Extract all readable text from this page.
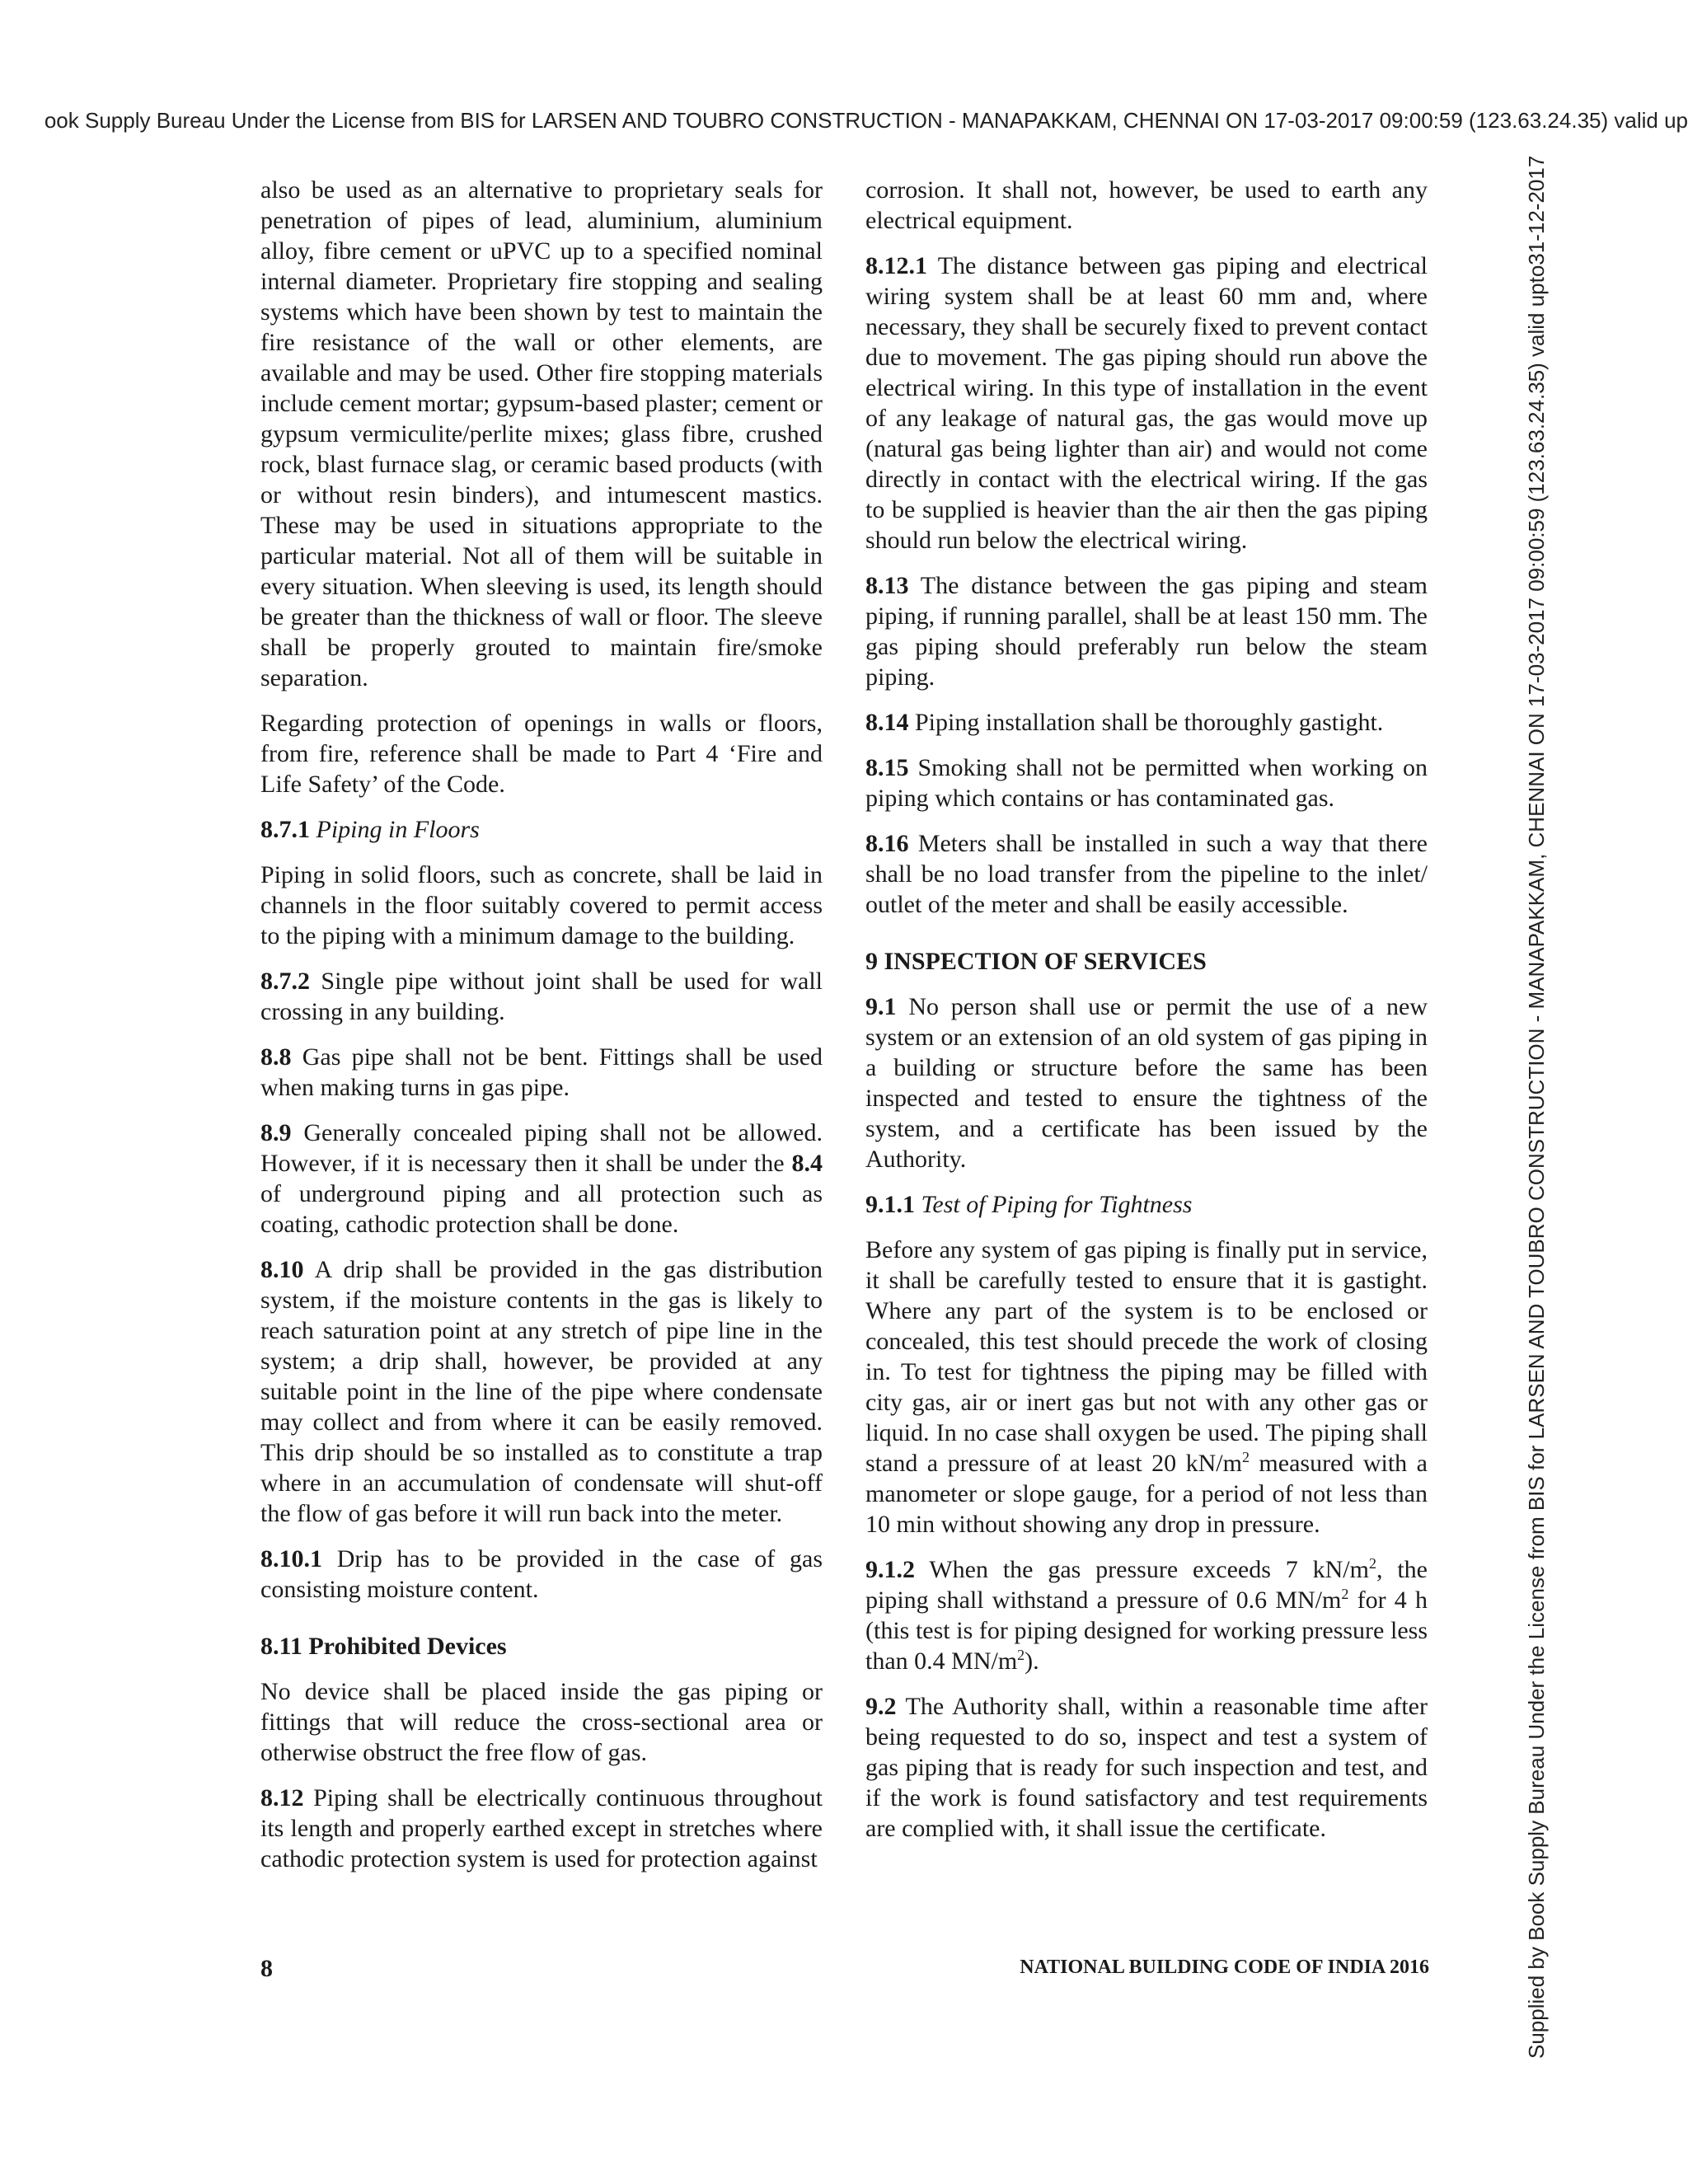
ook Supply Bureau Under the License from BIS for LARSEN AND TOUBRO CONSTRUCTION - MANAPAKKAM, CHENNAI ON 17-03-2017 09:00:59 (123.63.24.35) valid up
Supplied by Book Supply Bureau Under the License from BIS for LARSEN AND TOUBRO CONSTRUCTION - MANAPAKKAM, CHENNAI ON 17-03-2017 09:00:59 (123.63.24.35) valid upto31-12-2017

also be used as an alternative to proprietary seals for penetration of pipes of lead, aluminium, aluminium alloy, fibre cement or uPVC up to a specified nominal internal diameter. Proprietary fire stopping and sealing systems which have been shown by test to maintain the fire resistance of the wall or other elements, are available and may be used. Other fire stopping materials include cement mortar; gypsum-based plaster; cement or gypsum vermiculite/perlite mixes; glass fibre, crushed rock, blast furnace slag, or ceramic based products (with or without resin binders), and intumescent mastics. These may be used in situations appropriate to the particular material. Not all of them will be suitable in every situation. When sleeving is used, its length should be greater than the thickness of wall or floor. The sleeve shall be properly grouted to maintain fire/smoke separation.

Regarding protection of openings in walls or floors, from fire, reference shall be made to Part 4 ‘Fire and Life Safety’ of the Code.

8.7.1 Piping in Floors

Piping in solid floors, such as concrete, shall be laid in channels in the floor suitably covered to permit access to the piping with a minimum damage to the building.

8.7.2 Single pipe without joint shall be used for wall crossing in any building.

8.8 Gas pipe shall not be bent. Fittings shall be used when making turns in gas pipe.

8.9 Generally concealed piping shall not be allowed. However, if it is necessary then it shall be under the 8.4 of underground piping and all protection such as coating, cathodic protection shall be done.

8.10 A drip shall be provided in the gas distribution system, if the moisture contents in the gas is likely to reach saturation point at any stretch of pipe line in the system; a drip shall, however, be provided at any suitable point in the line of the pipe where condensate may collect and from where it can be easily removed. This drip should be so installed as to constitute a trap where in an accumulation of condensate will shut-off the flow of gas before it will run back into the meter.

8.10.1 Drip has to be provided in the case of gas consisting moisture content.

8.11 Prohibited Devices

No device shall be placed inside the gas piping or fittings that will reduce the cross-sectional area or otherwise obstruct the free flow of gas.

8.12 Piping shall be electrically continuous throughout its length and properly earthed except in stretches where cathodic protection system is used for protection against

corrosion. It shall not, however, be used to earth any electrical equipment.

8.12.1 The distance between gas piping and electrical wiring system shall be at least 60 mm and, where necessary, they shall be securely fixed to prevent contact due to movement. The gas piping should run above the electrical wiring. In this type of installation in the event of any leakage of natural gas, the gas would move up (natural gas being lighter than air) and would not come directly in contact with the electrical wiring. If the gas to be supplied is heavier than the air then the gas piping should run below the electrical wiring.

8.13 The distance between the gas piping and steam piping, if running parallel, shall be at least 150 mm. The gas piping should preferably run below the steam piping.

8.14 Piping installation shall be thoroughly gastight.

8.15 Smoking shall not be permitted when working on piping which contains or has contaminated gas.

8.16 Meters shall be installed in such a way that there shall be no load transfer from the pipeline to the inlet/ outlet of the meter and shall be easily accessible.

9 INSPECTION OF SERVICES

9.1 No person shall use or permit the use of a new system or an extension of an old system of gas piping in a building or structure before the same has been inspected and tested to ensure the tightness of the system, and a certificate has been issued by the Authority.

9.1.1 Test of Piping for Tightness

Before any system of gas piping is finally put in service, it shall be carefully tested to ensure that it is gastight. Where any part of the system is to be enclosed or concealed, this test should precede the work of closing in. To test for tightness the piping may be filled with city gas, air or inert gas but not with any other gas or liquid. In no case shall oxygen be used. The piping shall stand a pressure of at least 20 $kN/m^2$ measured with a manometer or slope gauge, for a period of not less than 10 min without showing any drop in pressure.

9.1.2 When the gas pressure exceeds 7 $kN/m^2$, the piping shall withstand a pressure of 0.6 $MN/m^2$ for 4 h (this test is for piping designed for working pressure less than 0.4 $MN/m^2$).

9.2 The Authority shall, within a reasonable time after being requested to do so, inspect and test a system of gas piping that is ready for such inspection and test, and if the work is found satisfactory and test requirements are complied with, it shall issue the certificate.

8	NATIONAL BUILDING CODE OF INDIA 2016
